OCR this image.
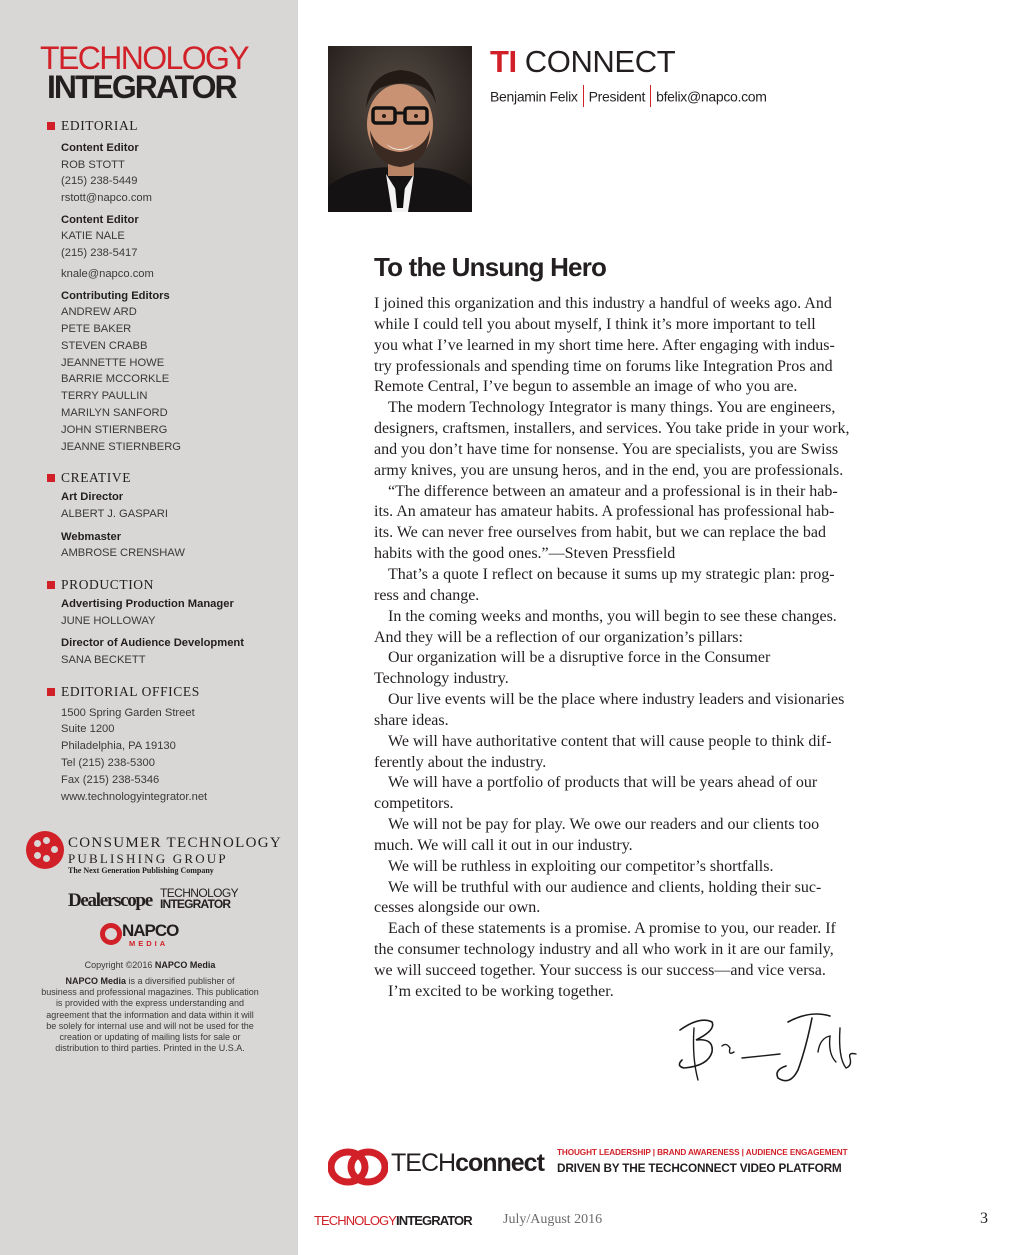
TECHNOLOGY
INTEGRATOR
EDITORIAL
Content Editor
ROB STOTT
(215) 238-5449
rstott@napco.com
Content Editor
KATIE NALE
(215) 238-5417
knale@napco.com
Contributing Editors
ANDREW ARD
PETE BAKER
STEVEN CRABB
JEANNETTE HOWE
BARRIE MCCORKLE
TERRY PAULLIN
MARILYN SANFORD
JOHN STIERNBERG
JEANNE STIERNBERG
CREATIVE
Art Director
ALBERT J. GASPARI
Webmaster
AMBROSE CRENSHAW
PRODUCTION
Advertising Production Manager
JUNE HOLLOWAY
Director of Audience Development
SANA BECKETT
EDITORIAL OFFICES
1500 Spring Garden Street
Suite 1200
Philadelphia, PA 19130
Tel (215) 238-5300
Fax (215) 238-5346
www.technologyintegrator.net
CONSUMER TECHNOLOGY
PUBLISHING GROUP
The Next Generation Publishing Company
Dealerscope TECHNOLOGY
INTEGRATOR
NAPCO
MEDIA
Copyright ©2016 NAPCO Media

NAPCO Media is a diversified publisher of

business and professional magazines. This publication

is provided with the express understanding and

agreement that the information and data within it will

be solely for internal use and will not be used for the

creation or updating of mailing lists for sale or

distribution to third parties. Printed in the U.S.A.

TI CONNECT
Benjamin Felix President bfelix@napco.com
To the Unsung Hero

I joined this organization and this industry a handful of weeks ago. And

while I could tell you about myself, I think it’s more important to tell

you what I’ve learned in my short time here. After engaging with indus-

try professionals and spending time on forums like Integration Pros and

Remote Central, I’ve begun to assemble an image of who you are.

The modern Technology Integrator is many things. You are engineers,

designers, craftsmen, installers, and services. You take pride in your work,

and you don’t have time for nonsense. You are specialists, you are Swiss

army knives, you are unsung heros, and in the end, you are professionals.

“The difference between an amateur and a professional is in their hab-

its. An amateur has amateur habits. A professional has professional hab-

its. We can never free ourselves from habit, but we can replace the bad

habits with the good ones.”—Steven Pressfield

That’s a quote I reflect on because it sums up my strategic plan: prog-

ress and change.

In the coming weeks and months, you will begin to see these changes.

And they will be a reflection of our organization’s pillars:

Our organization will be a disruptive force in the Consumer

Technology industry.

Our live events will be the place where industry leaders and visionaries

share ideas.

We will have authoritative content that will cause people to think dif-

ferently about the industry.

We will have a portfolio of products that will be years ahead of our

competitors.

We will not be pay for play. We owe our readers and our clients too

much. We will call it out in our industry.

We will be ruthless in exploiting our competitor’s shortfalls.

We will be truthful with our audience and clients, holding their suc-

cesses alongside our own.

Each of these statements is a promise. A promise to you, our reader. If

the consumer technology industry and all who work in it are our family,

we will succeed together. Your success is our success—and vice versa.

I’m excited to be working together.

TECHconnect THOUGHT LEADERSHIP | BRAND AWARENESS | AUDIENCE ENGAGEMENT
DRIVEN BY THE TECHCONNECT VIDEO PLATFORM
TECHNOLOGYINTEGRATOR July/August 2016	3
